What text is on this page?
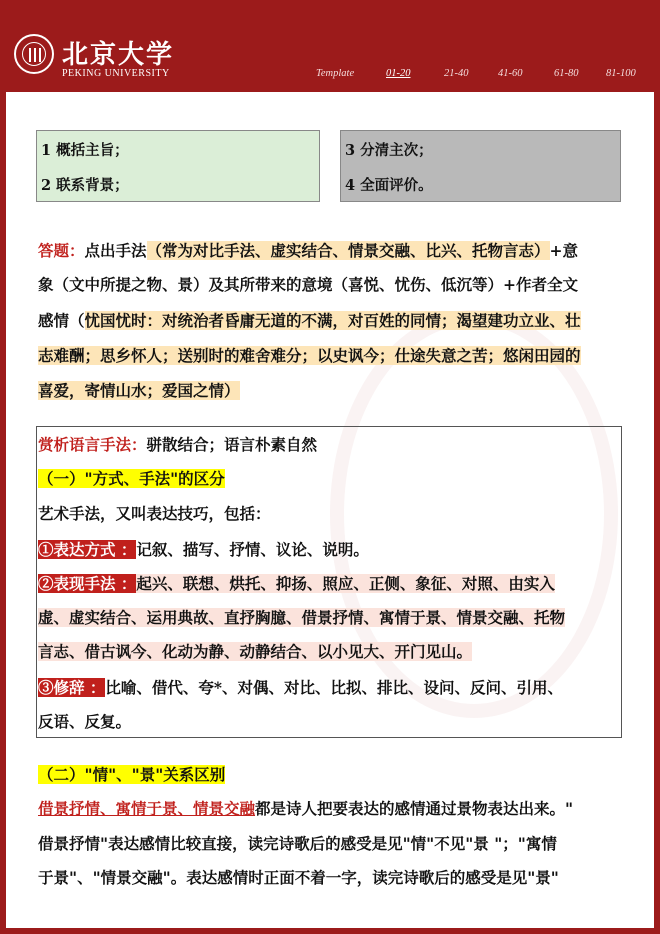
北京大学
PEKING UNIVERSITY	Template	01-20	21-40	41-60	61-80	81-100
1 概括主旨；
2 联系背景；
3 分清主次；
4 全面评价。
答题：点出手法（常为对比手法、虚实结合、情景交融、比兴、托物言志）+意
象（文中所提之物、景）及其所带来的意境（喜悦、忧伤、低沉等）+作者全文
感情（忧国忧时：对统治者昏庸无道的不满，对百姓的同情；渴望建功立业、壮
志难酬；思乡怀人；送别时的难舍难分；以史讽今；仕途失意之苦；悠闲田园的
喜爱，寄情山水；爱国之情）
赏析语言手法：骈散结合；语言朴素自然
（一）"方式、手法"的区分
艺术手法，又叫表达技巧，包括：
①表达方式 ：记叙、描写、抒情、议论、说明。
②表现手法 ：起兴、联想、烘托、抑扬、照应、正侧、象征、对照、由实入
虚、虚实结合、运用典故、直抒胸臆、借景抒情、寓情于景、情景交融、托物
言志、借古讽今、化动为静、动静结合、以小见大、开门见山。
③修辞 ：比喻、借代、夸*、对偶、对比、比拟、排比、设问、反问、引用、
反语、反复。
（二）"情"、"景"关系区别
借景抒情、寓情于景、情景交融都是诗人把要表达的感情通过景物表达出来。"
借景抒情"表达感情比较直接，读完诗歌后的感受是见"情"不见"景 "；"寓情
于景"、"情景交融"。表达感情时正面不着一字，读完诗歌后的感受是见"景"
